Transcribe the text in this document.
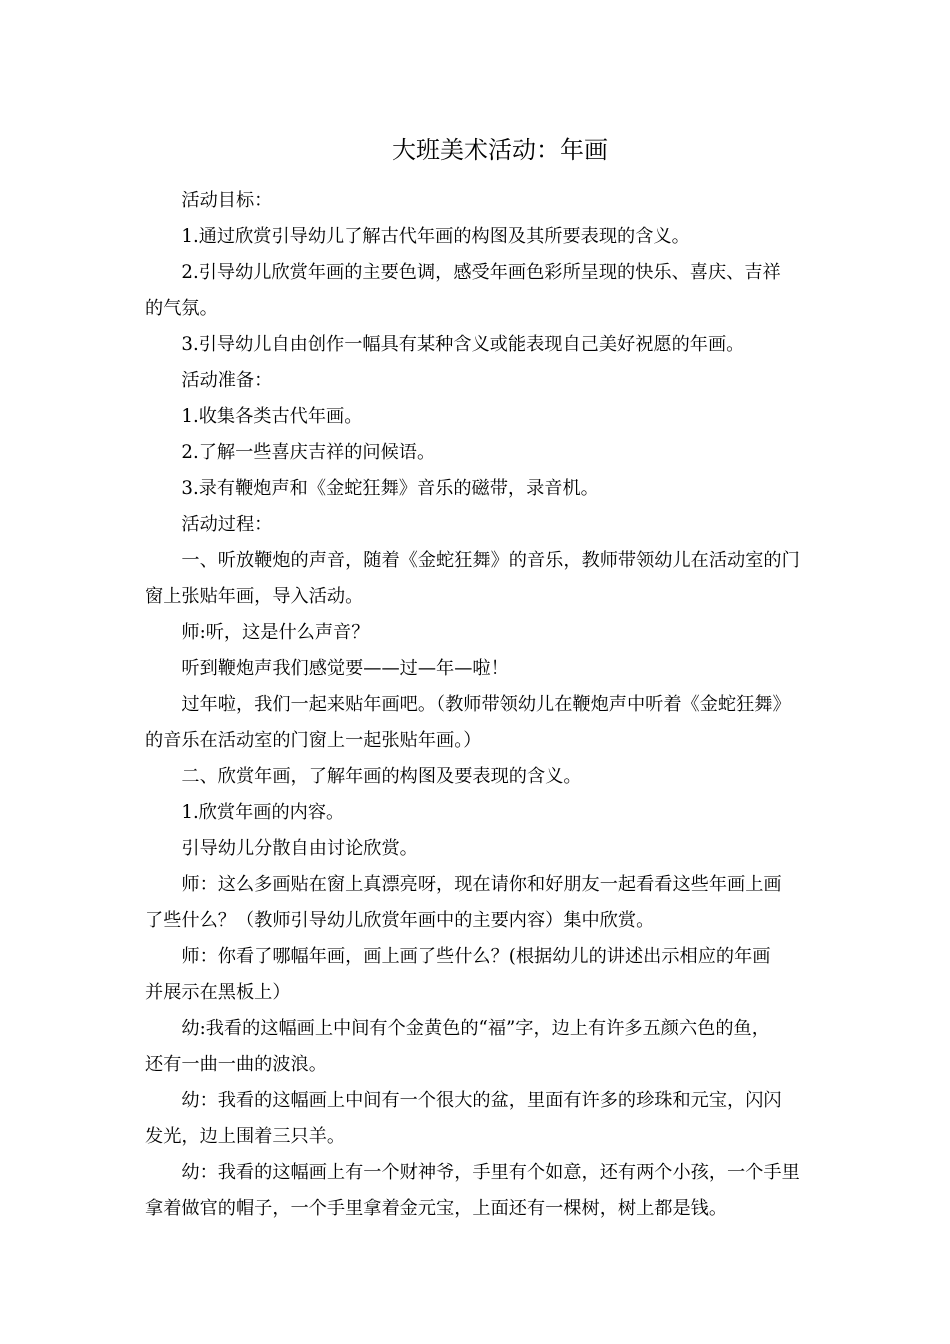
大班美术活动：年画

活动目标：

1.通过欣赏引导幼儿了解古代年画的构图及其所要表现的含义。

2.引导幼儿欣赏年画的主要色调，感受年画色彩所呈现的快乐、喜庆、吉祥

的气氛。

3.引导幼儿自由创作一幅具有某种含义或能表现自己美好祝愿的年画。

活动准备：

1.收集各类古代年画。

2.了解一些喜庆吉祥的问候语。

3.录有鞭炮声和《金蛇狂舞》音乐的磁带，录音机。

活动过程：

一、听放鞭炮的声音，随着《金蛇狂舞》的音乐，教师带领幼儿在活动室的门

窗上张贴年画，导入活动。

师:听，这是什么声音？

听到鞭炮声我们感觉要——过—年—啦！

过年啦，我们一起来贴年画吧。（教师带领幼儿在鞭炮声中听着《金蛇狂舞》

的音乐在活动室的门窗上一起张贴年画。）

二、欣赏年画，了解年画的构图及要表现的含义。

1.欣赏年画的内容。

引导幼儿分散自由讨论欣赏。

师：这么多画贴在窗上真漂亮呀，现在请你和好朋友一起看看这些年画上画

了些什么？（教师引导幼儿欣赏年画中的主要内容）集中欣赏。

师：你看了哪幅年画，画上画了些什么？(根据幼儿的讲述出示相应的年画

并展示在黑板上）

幼:我看的这幅画上中间有个金黄色的“福”字，边上有许多五颜六色的鱼，

还有一曲一曲的波浪。

幼：我看的这幅画上中间有一个很大的盆，里面有许多的珍珠和元宝，闪闪

发光，边上围着三只羊。

幼：我看的这幅画上有一个财神爷，手里有个如意，还有两个小孩，一个手里

拿着做官的帽子，一个手里拿着金元宝，上面还有一棵树，树上都是钱。
